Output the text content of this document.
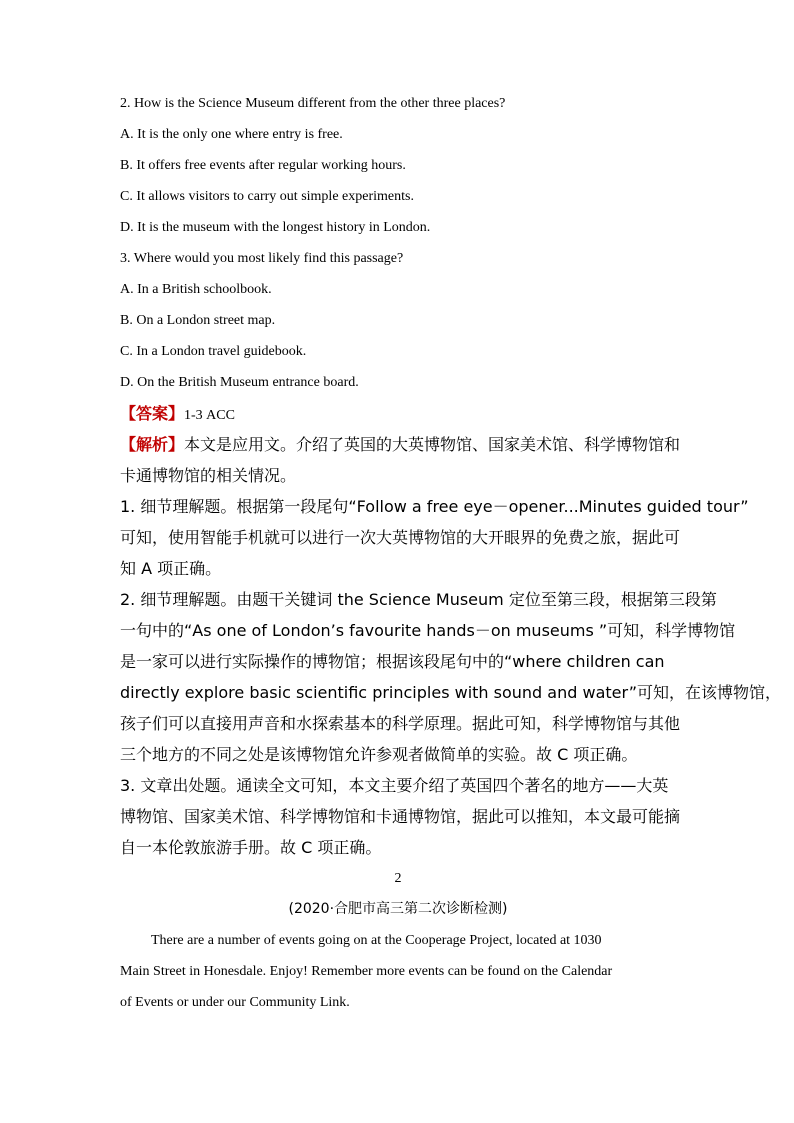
2. How is the Science Museum different from the other three places?
A. It is the only one where entry is free.
B. It offers free events after regular working hours.
C. It allows visitors to carry out simple experiments.
D. It is the museum with the longest history in London.
3. Where would you most likely find this passage?
A. In a British schoolbook.
B. On a London street map.
C. In a London travel guidebook.
D. On the British Museum entrance board.
【答案】1-3 ACC
【解析】本文是应用文。介绍了英国的大英博物馆、国家美术馆、科学博物馆和
卡通博物馆的相关情况。
1. 细节理解题。根据第一段尾句“Follow a free eye－opener...Minutes guided tour”
可知，使用智能手机就可以进行一次大英博物馆的大开眼界的免费之旅，据此可
知 A 项正确。
2. 细节理解题。由题干关键词 the Science Museum 定位至第三段，根据第三段第
一句中的“As one of London’s favourite hands－on museums ”可知，科学博物馆
是一家可以进行实际操作的博物馆；根据该段尾句中的“where children can
directly explore basic scientific principles with sound and water”可知，在该博物馆，
孩子们可以直接用声音和水探索基本的科学原理。据此可知，科学博物馆与其他
三个地方的不同之处是该博物馆允许参观者做简单的实验。故 C 项正确。
3. 文章出处题。通读全文可知，本文主要介绍了英国四个著名的地方——大英
博物馆、国家美术馆、科学博物馆和卡通博物馆，据此可以推知，本文最可能摘
自一本伦敦旅游手册。故 C 项正确。
2
(2020·合肥市高三第二次诊断检测)
There are a number of events going on at the Cooperage Project, located at 1030
Main Street in Honesdale. Enjoy! Remember more events can be found on the Calendar
of Events or under our Community Link.
